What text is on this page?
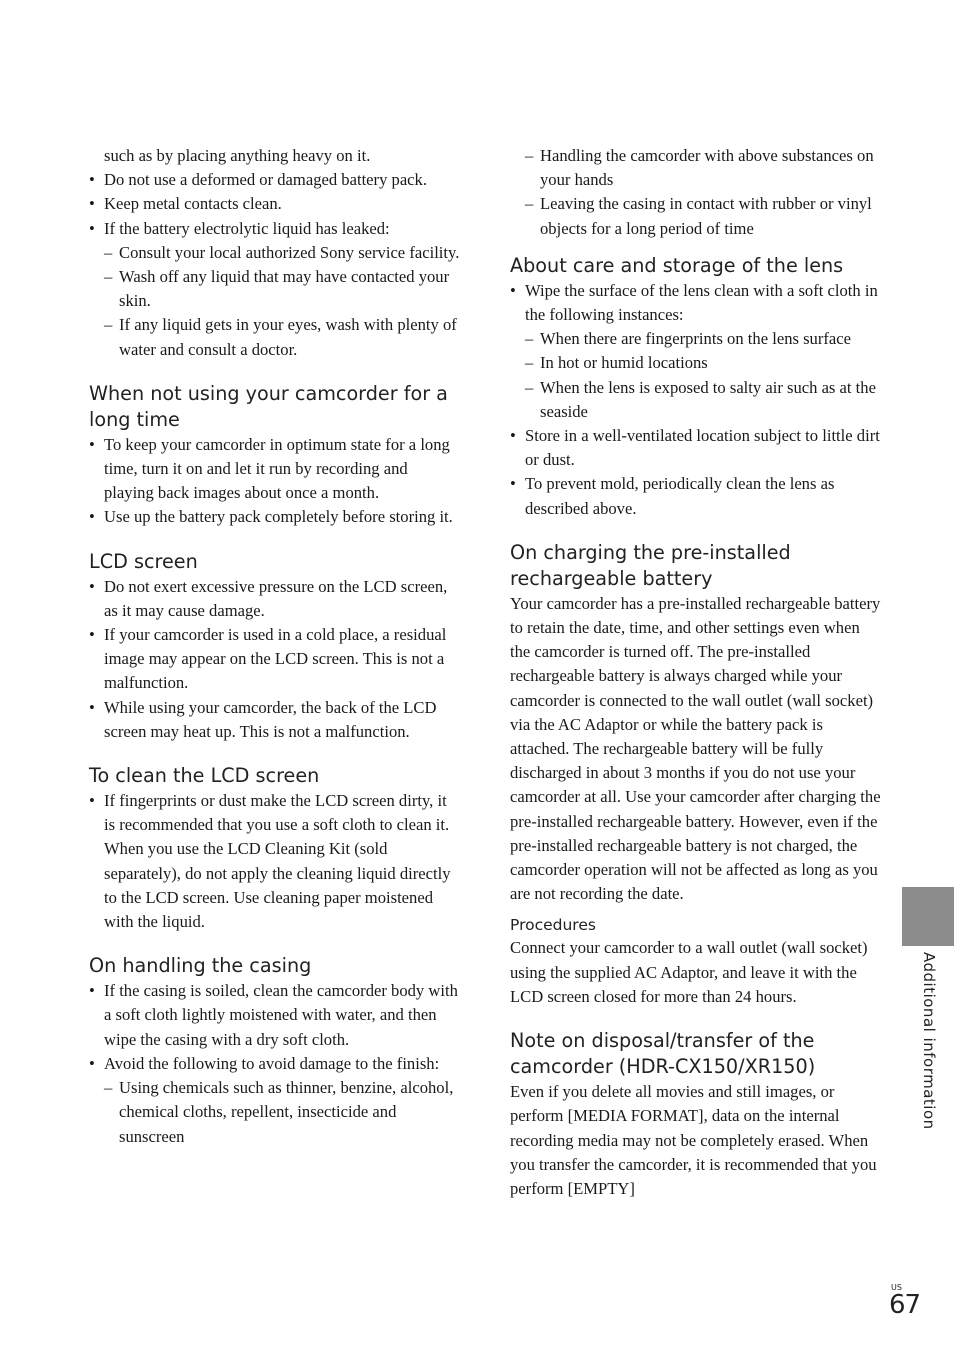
such as by placing anything heavy on it.
• Do not use a deformed or damaged battery pack.
• Keep metal contacts clean.
• If the battery electrolytic liquid has leaked:
– Consult your local authorized Sony service facility.
– Wash off any liquid that may have contacted your skin.
– If any liquid gets in your eyes, wash with plenty of water and consult a doctor.
When not using your camcorder for a long time
• To keep your camcorder in optimum state for a long time, turn it on and let it run by recording and playing back images about once a month.
• Use up the battery pack completely before storing it.
LCD screen
• Do not exert excessive pressure on the LCD screen, as it may cause damage.
• If your camcorder is used in a cold place, a residual image may appear on the LCD screen. This is not a malfunction.
• While using your camcorder, the back of the LCD screen may heat up. This is not a malfunction.
To clean the LCD screen
• If fingerprints or dust make the LCD screen dirty, it is recommended that you use a soft cloth to clean it. When you use the LCD Cleaning Kit (sold separately), do not apply the cleaning liquid directly to the LCD screen. Use cleaning paper moistened with the liquid.
On handling the casing
• If the casing is soiled, clean the camcorder body with a soft cloth lightly moistened with water, and then wipe the casing with a dry soft cloth.
• Avoid the following to avoid damage to the finish:
– Using chemicals such as thinner, benzine, alcohol, chemical cloths, repellent, insecticide and sunscreen
– Handling the camcorder with above substances on your hands
– Leaving the casing in contact with rubber or vinyl objects for a long period of time
About care and storage of the lens
• Wipe the surface of the lens clean with a soft cloth in the following instances:
– When there are fingerprints on the lens surface
– In hot or humid locations
– When the lens is exposed to salty air such as at the seaside
• Store in a well-ventilated location subject to little dirt or dust.
• To prevent mold, periodically clean the lens as described above.
On charging the pre-installed rechargeable battery

Your camcorder has a pre-installed rechargeable battery to retain the date, time, and other settings even when the camcorder is turned off. The pre-installed rechargeable battery is always charged while your camcorder is connected to the wall outlet (wall socket) via the AC Adaptor or while the battery pack is attached. The rechargeable battery will be fully discharged in about 3 months if you do not use your camcorder at all. Use your camcorder after charging the pre-installed rechargeable battery. However, even if the pre-installed rechargeable battery is not charged, the camcorder operation will not be affected as long as you are not recording the date.

Procedures

Connect your camcorder to a wall outlet (wall socket) using the supplied AC Adaptor, and leave it with the LCD screen closed for more than 24 hours.

Note on disposal/transfer of the camcorder (HDR-CX150/XR150)

Even if you delete all movies and still images, or perform [MEDIA FORMAT], data on the internal recording media may not be completely erased. When you transfer the camcorder, it is recommended that you perform [EMPTY]

Additional information
US
67
